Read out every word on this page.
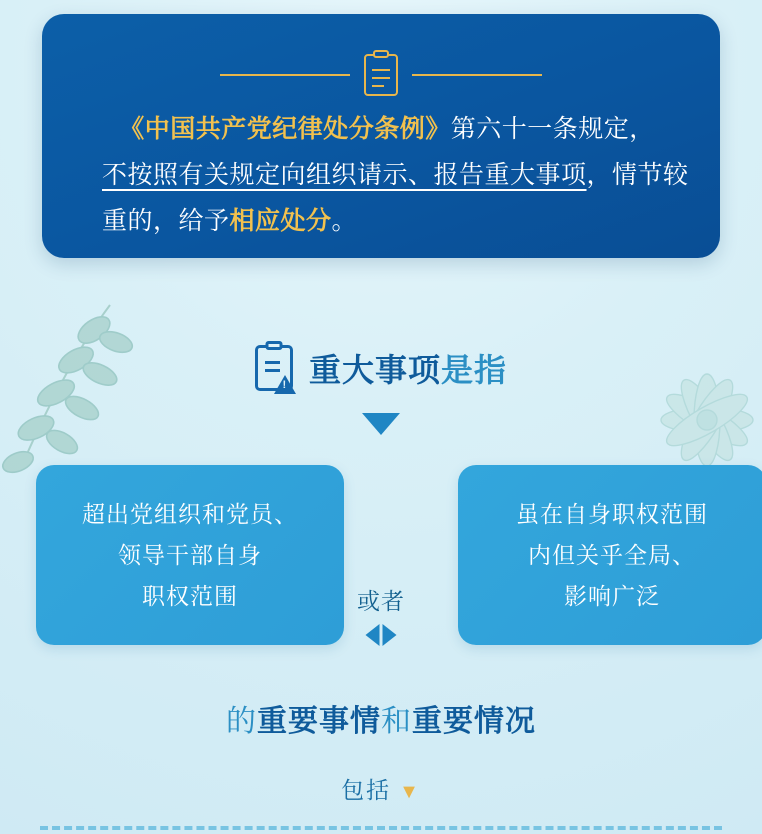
《中国共产党纪律处分条例》第六十一条规定，
不按照有关规定向组织请示、报告重大事项，情节较
重的，给予相应处分。
!
重大事项是指
超出党组织和党员、
领导干部自身
职权范围
虽在自身职权范围
内但关乎全局、
影响广泛
或者
的重要事情和重要情况
包括 ▼
